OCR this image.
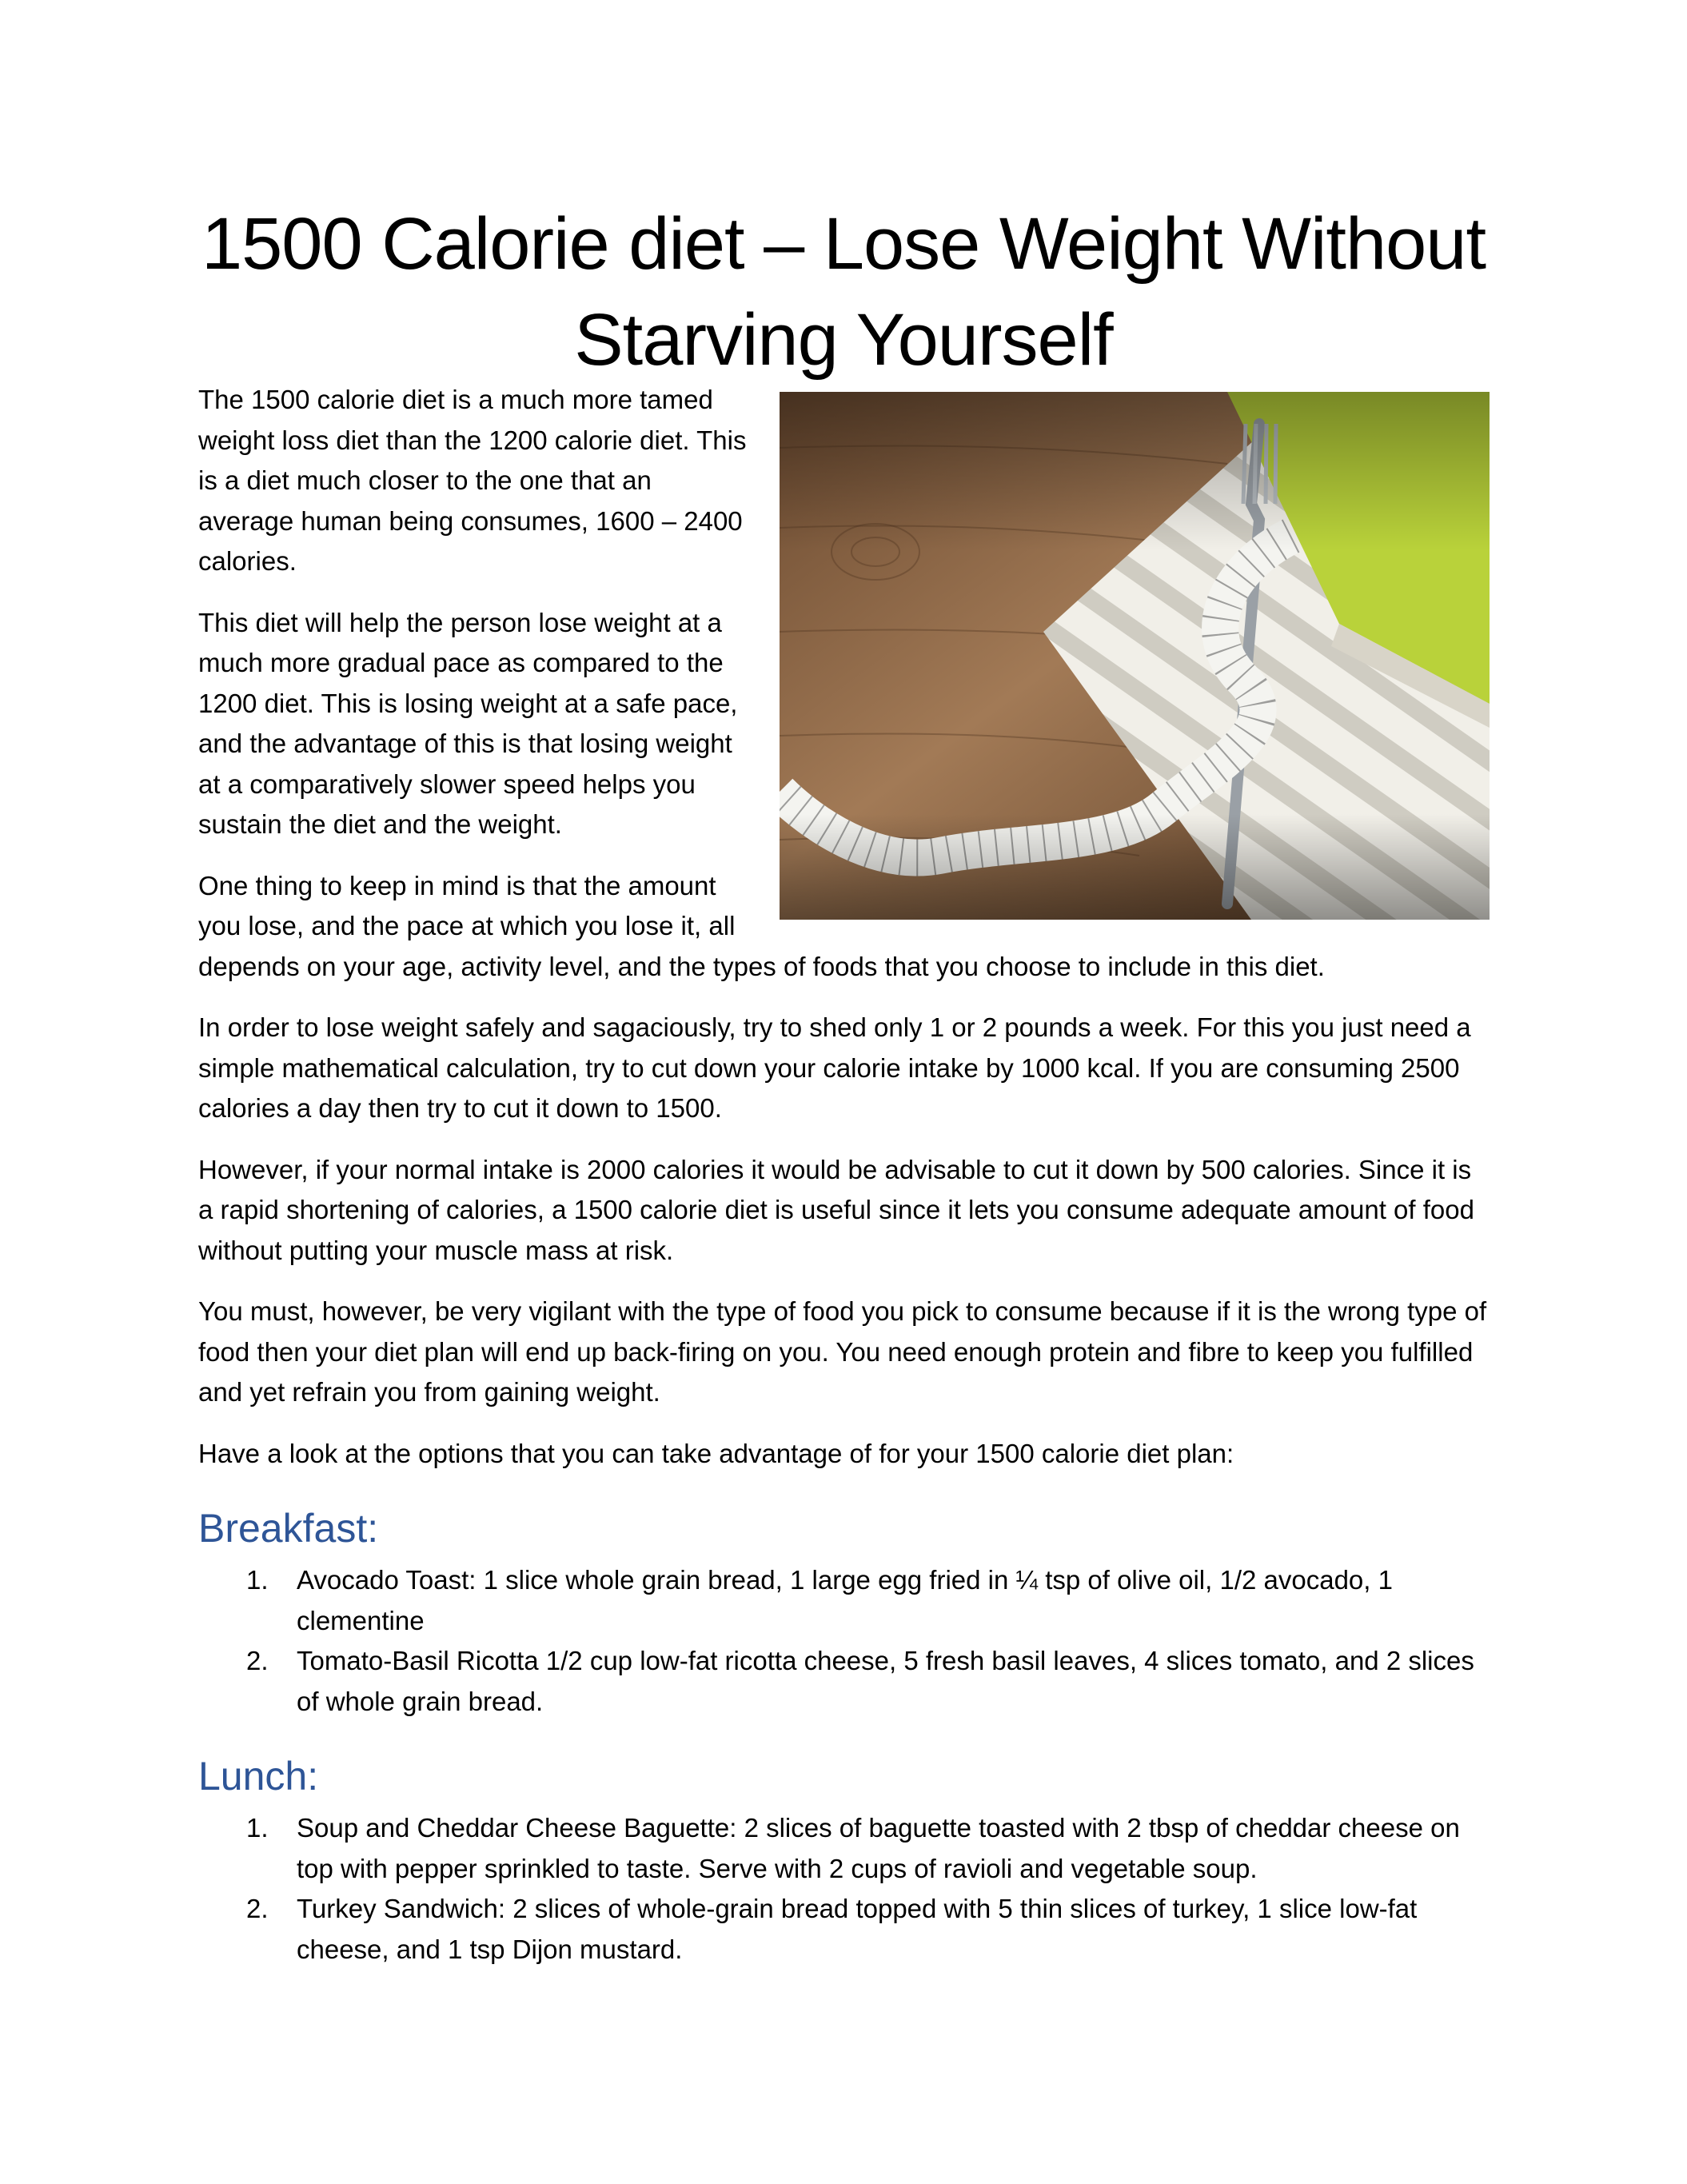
1500 Calorie diet – Lose Weight Without Starving Yourself

The 1500 calorie diet is a much more tamed weight loss diet than the 1200 calorie diet. This is a diet much closer to the one that an average human being consumes, 1600 – 2400 calories.

This diet will help the person lose weight at a much more gradual pace as compared to the 1200 diet. This is losing weight at a safe pace, and the advantage of this is that losing weight at a comparatively slower speed helps you sustain the diet and the weight.

One thing to keep in mind is that the amount you lose, and the pace at which you lose it, all depends on your age, activity level, and the types of foods that you choose to include in this diet.

In order to lose weight safely and sagaciously, try to shed only 1 or 2 pounds a week. For this you just need a simple mathematical calculation, try to cut down your calorie intake by 1000 kcal. If you are consuming 2500 calories a day then try to cut it down to 1500.

However, if your normal intake is 2000 calories it would be advisable to cut it down by 500 calories. Since it is a rapid shortening of calories, a 1500 calorie diet is useful since it lets you consume adequate amount of food without putting your muscle mass at risk.

You must, however, be very vigilant with the type of food you pick to consume because if it is the wrong type of food then your diet plan will end up back-firing on you. You need enough protein and fibre to keep you fulfilled and yet refrain you from gaining weight.

Have a look at the options that you can take advantage of for your 1500 calorie diet plan:

Breakfast:
1. Avocado Toast: 1 slice whole grain bread, 1 large egg fried in ¼ tsp of olive oil, 1/2 avocado, 1 clementine
2. Tomato-Basil Ricotta 1/2 cup low-fat ricotta cheese, 5 fresh basil leaves, 4 slices tomato, and 2 slices of whole grain bread.
Lunch:
1. Soup and Cheddar Cheese Baguette: 2 slices of baguette toasted with 2 tbsp of cheddar cheese on top with pepper sprinkled to taste. Serve with 2 cups of ravioli and vegetable soup.
2. Turkey Sandwich: 2 slices of whole-grain bread topped with 5 thin slices of turkey, 1 slice low-fat cheese, and 1 tsp Dijon mustard.
